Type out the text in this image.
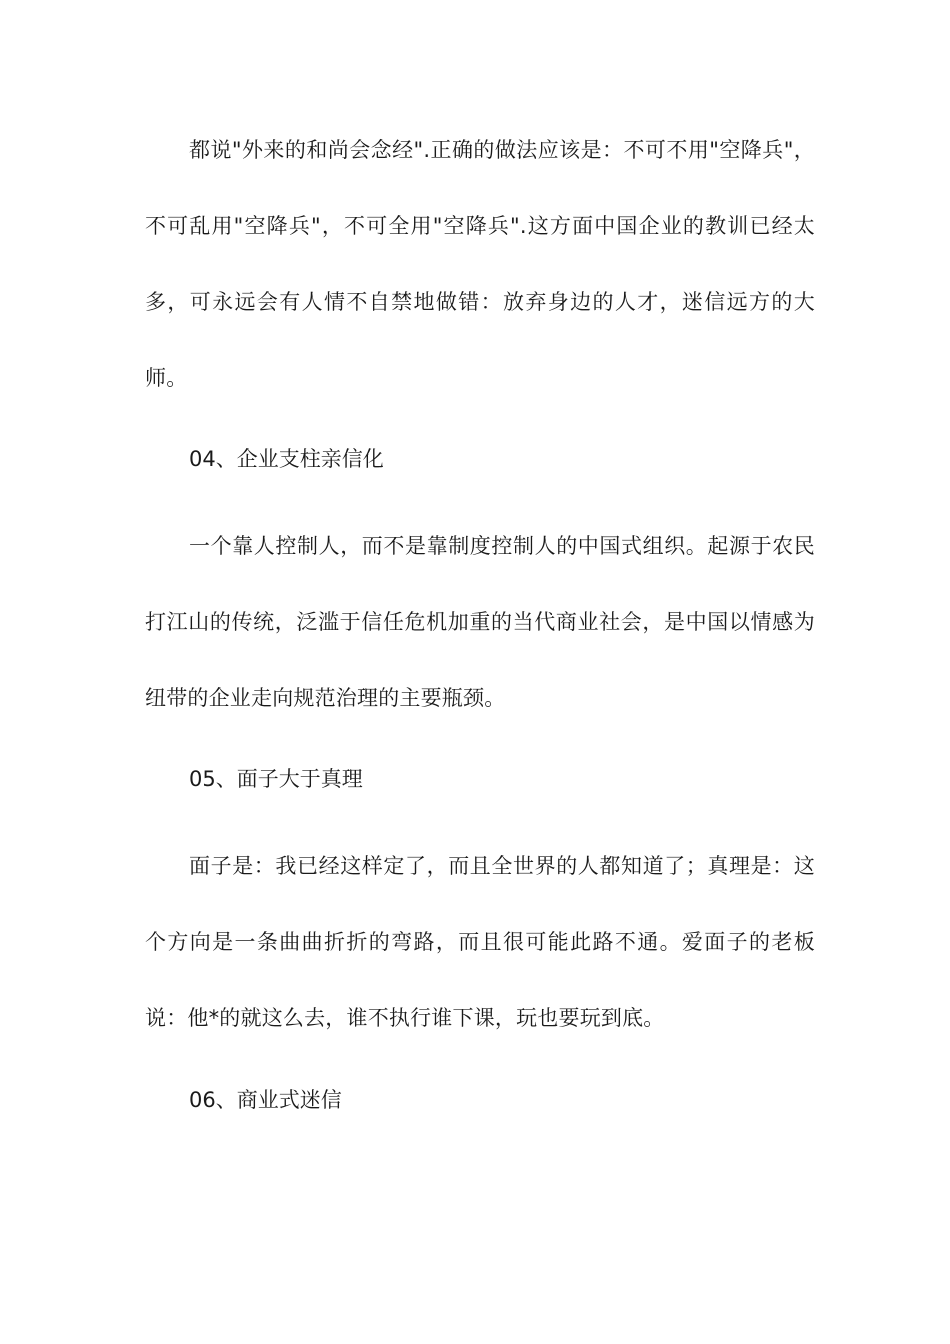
都说"外来的和尚会念经".正确的做法应该是：不可不用"空降兵"，不可乱用"空降兵"，不可全用"空降兵".这方面中国企业的教训已经太多，可永远会有人情不自禁地做错：放弃身边的人才，迷信远方的大师。

04、企业支柱亲信化

一个靠人控制人，而不是靠制度控制人的中国式组织。起源于农民打江山的传统，泛滥于信任危机加重的当代商业社会，是中国以情感为纽带的企业走向规范治理的主要瓶颈。

05、面子大于真理

面子是：我已经这样定了，而且全世界的人都知道了；真理是：这个方向是一条曲曲折折的弯路，而且很可能此路不通。爱面子的老板说：他*的就这么去，谁不执行谁下课，玩也要玩到底。

06、商业式迷信
